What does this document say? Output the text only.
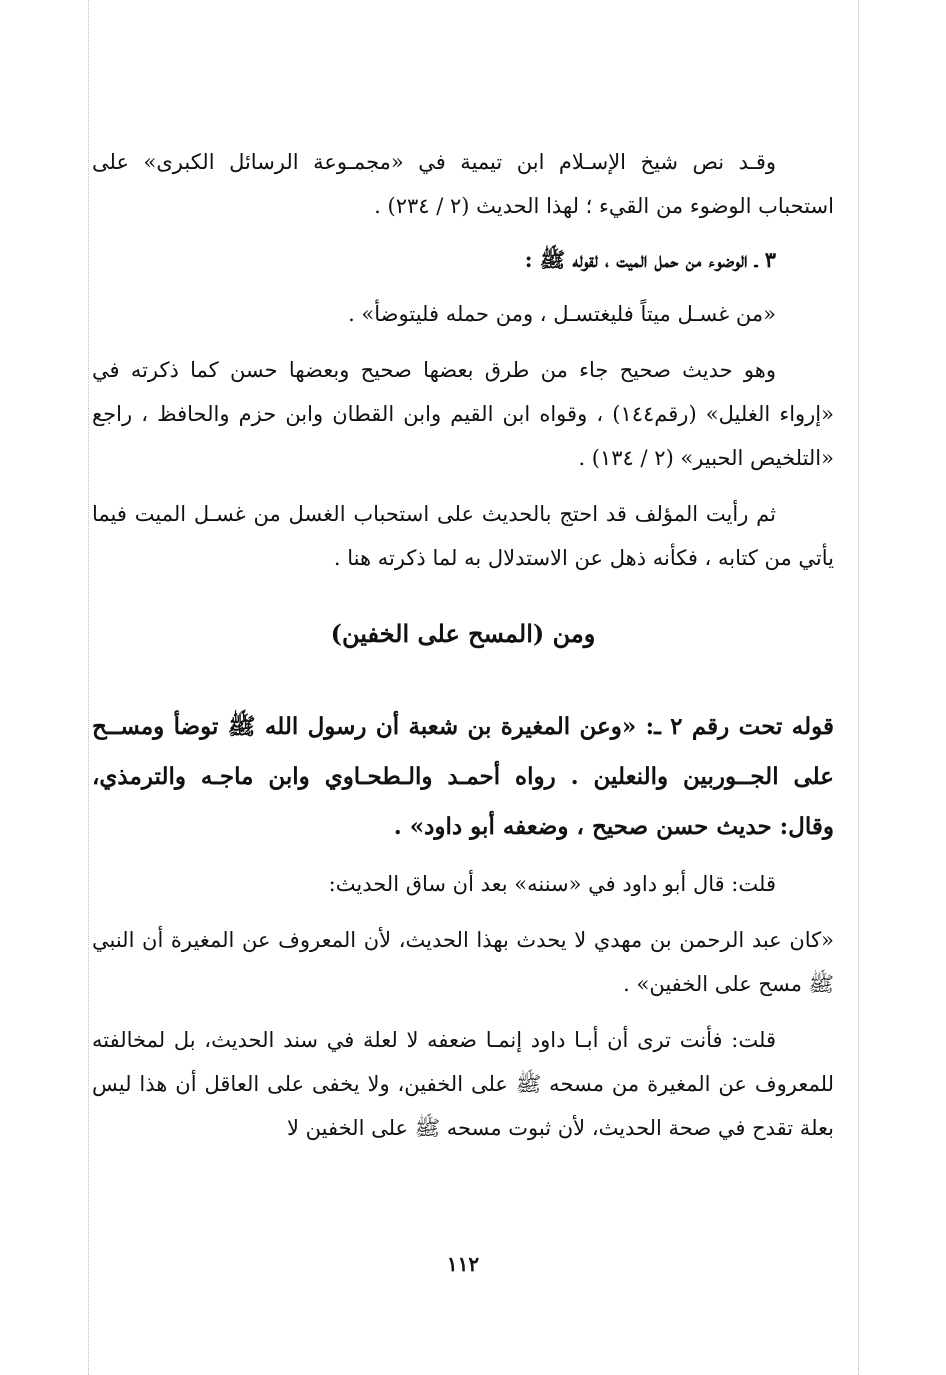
وقـد نص شيخ الإسـلام ابن تيمية في «مجمـوعة الرسائل الكبرى» على استحباب الوضوء من القيء ؛ لهذا الحديث (٢ / ٢٣٤) .

٣ ـ الوضوء من حمل الميت ، لقوله ﷺ :

«من غسـل ميتاً فليغتسـل ، ومن حمله فليتوضأ» .

وهو حديث صحيح جاء من طرق بعضها صحيح وبعضها حسن كما ذكرته في «إرواء الغليل» (رقم١٤٤) ، وقواه ابن القيم وابن القطان وابن حزم والحافظ ، راجع «التلخيص الحبير» (٢ / ١٣٤) .

ثم رأيت المؤلف قد احتج بالحديث على استحباب الغسل من غسـل الميت فيما يأتي من كتابه ، فكأنه ذهل عن الاستدلال به لما ذكرته هنا .

ومن (المسح على الخفين)

قوله تحت رقم ٢ ـ: «وعن المغيرة بن شعبة أن رسول الله ﷺ توضأ ومســح على الجــوربين والنعلين . رواه أحمـد والـطحـاوي وابن ماجـه والترمذي، وقال: حديث حسن صحيح ، وضعفه أبو داود» .

قلت: قال أبو داود في «سننه» بعد أن ساق الحديث:

«كان عبد الرحمن بن مهدي لا يحدث بهذا الحديث، لأن المعروف عن المغيرة أن النبي ﷺ مسح على الخفين» .

قلت: فأنت ترى أن أبـا داود إنمـا ضعفه لا لعلة في سند الحديث، بل لمخالفته للمعروف عن المغيرة من مسحه ﷺ على الخفين، ولا يخفى على العاقل أن هذا ليس بعلة تقدح في صحة الحديث، لأن ثبوت مسحه ﷺ على الخفين لا

١١٢
